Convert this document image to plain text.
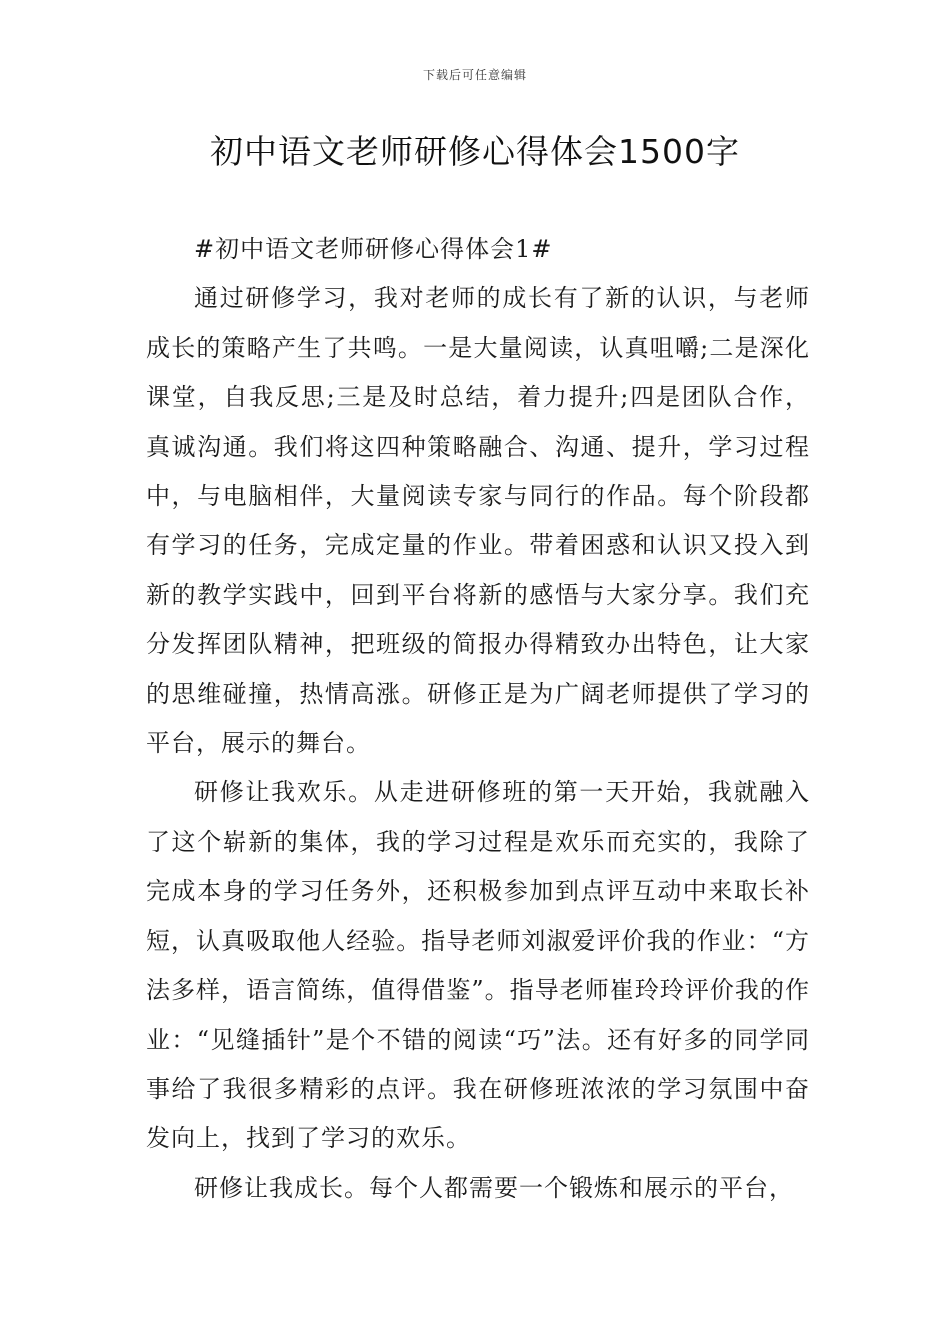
下载后可任意编辑
初中语文老师研修心得体会1500字

#初中语文老师研修心得体会1#

通过研修学习，我对老师的成长有了新的认识，与老师成长的策略产生了共鸣。一是大量阅读，认真咀嚼;二是深化课堂，自我反思;三是及时总结，着力提升;四是团队合作，真诚沟通。我们将这四种策略融合、沟通、提升，学习过程中，与电脑相伴，大量阅读专家与同行的作品。每个阶段都有学习的任务，完成定量的作业。带着困惑和认识又投入到新的教学实践中，回到平台将新的感悟与大家分享。我们充分发挥团队精神，把班级的简报办得精致办出特色，让大家的思维碰撞，热情高涨。研修正是为广阔老师提供了学习的平台，展示的舞台。

研修让我欢乐。从走进研修班的第一天开始，我就融入了这个崭新的集体，我的学习过程是欢乐而充实的，我除了完成本身的学习任务外，还积极参加到点评互动中来取长补短，认真吸取他人经验。指导老师刘淑爱评价我的作业：“方法多样，语言简练，值得借鉴”。指导老师崔玲玲评价我的作业：“见缝插针”是个不错的阅读“巧”法。还有好多的同学同事给了我很多精彩的点评。我在研修班浓浓的学习氛围中奋发向上，找到了学习的欢乐。

研修让我成长。每个人都需要一个锻炼和展示的平台，
